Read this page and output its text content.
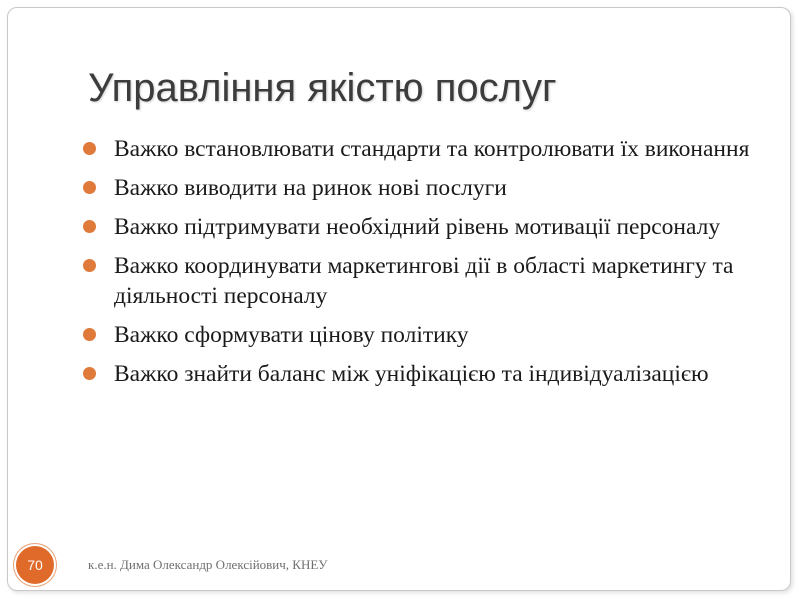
Управління якістю послуг
Важко встановлювати стандарти та контролювати їх виконання
Важко виводити на ринок нові послуги
Важко підтримувати необхідний рівень мотивації персоналу
Важко координувати маркетингові дії в області маркетингу та діяльності персоналу
Важко сформувати цінову політику
Важко знайти баланс між уніфікацією та індивідуалізацією
70	к.е.н. Дима Олександр Олексійович, КНЕУ
